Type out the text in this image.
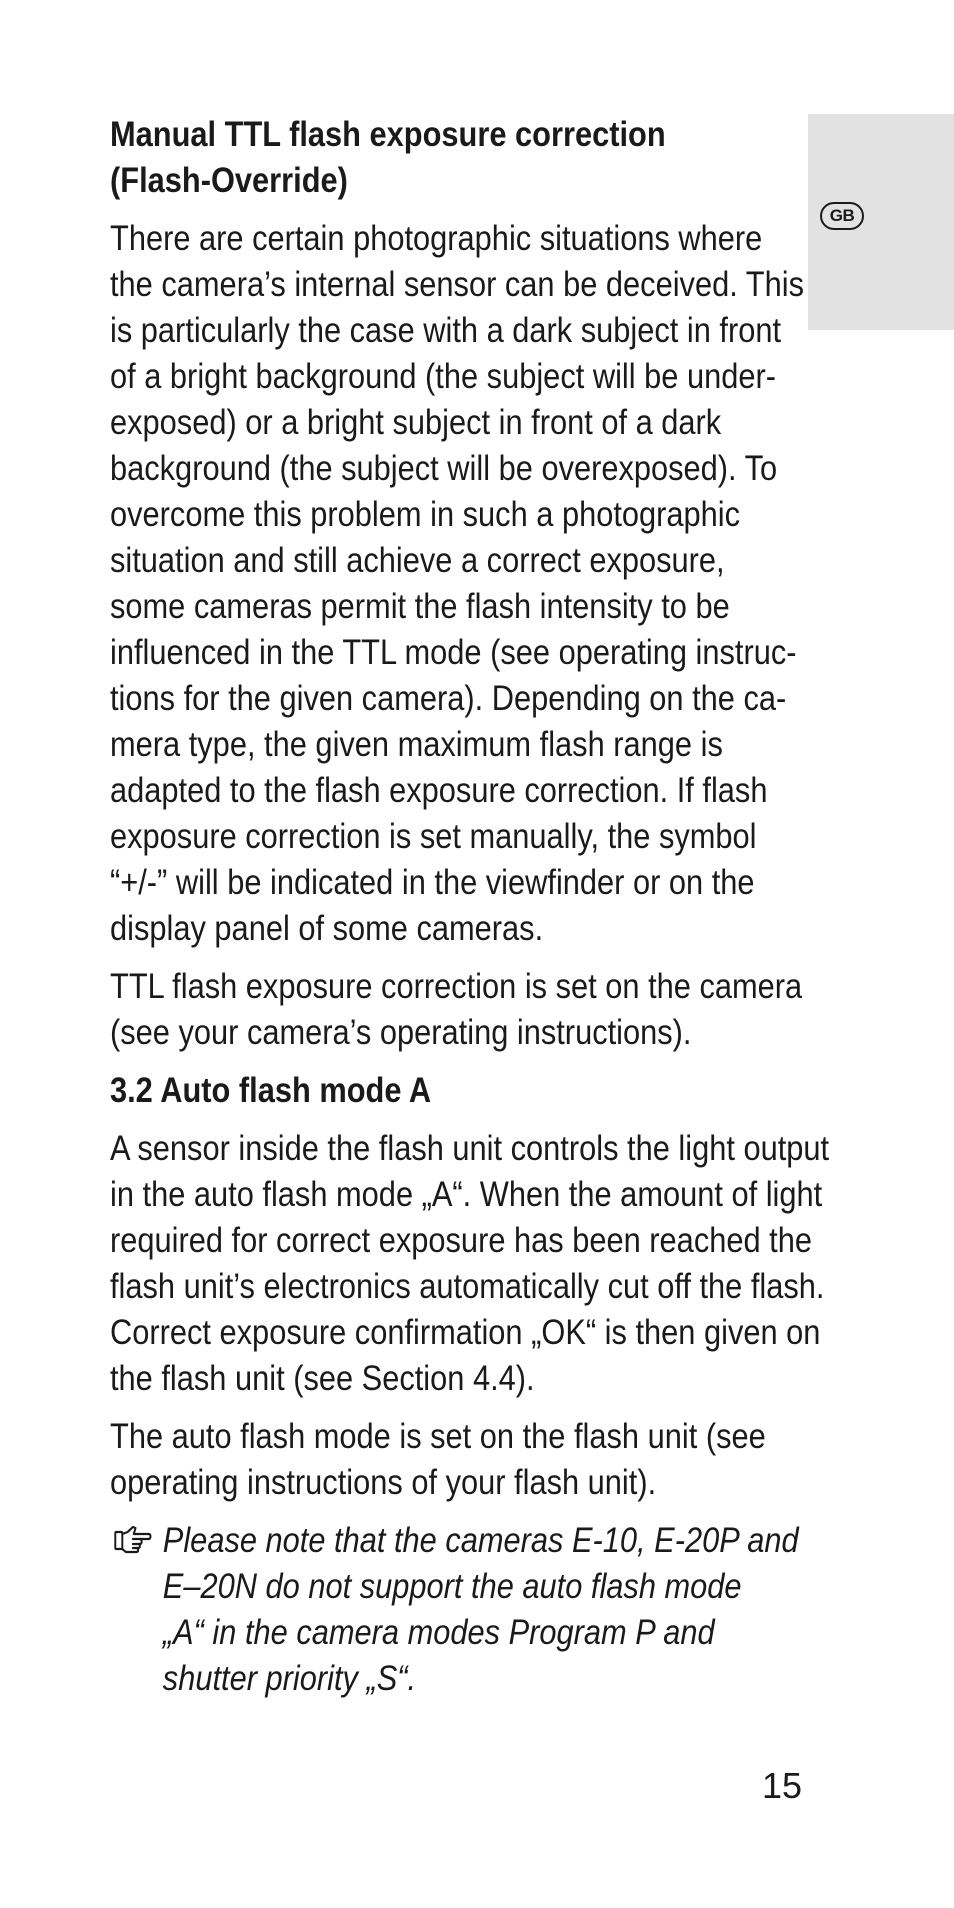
GB
Manual TTL flash exposure correction
(Flash-Override)
There are certain photographic situations where
the camera’s internal sensor can be deceived. This
is particularly the case with a dark subject in front
of a bright background (the subject will be under-
exposed) or a bright subject in front of a dark
background (the subject will be overexposed). To
overcome this problem in such a photographic
situation and still achieve a correct exposure,
some cameras permit the flash intensity to be
influenced in the TTL mode (see operating instruc-
tions for the given camera). Depending on the ca-
mera type, the given maximum flash range is
adapted to the flash exposure correction. If flash
exposure correction is set manually, the symbol
“+/-” will be indicated in the viewfinder or on the
display panel of some cameras.
TTL flash exposure correction is set on the camera
(see your camera’s operating instructions).
3.2 Auto flash mode A
A sensor inside the flash unit controls the light output
in the auto flash mode „A“. When the amount of light
required for correct exposure has been reached the
flash unit’s electronics automatically cut off the flash.
Correct exposure confirmation „OK“ is then given on
the flash unit (see Section 4.4).
The auto flash mode is set on the flash unit (see
operating instructions of your flash unit).
Please note that the cameras E-10, E-20P and
E–20N do not support the auto flash mode
„A“ in the camera modes Program P and
shutter priority „S“.
15
